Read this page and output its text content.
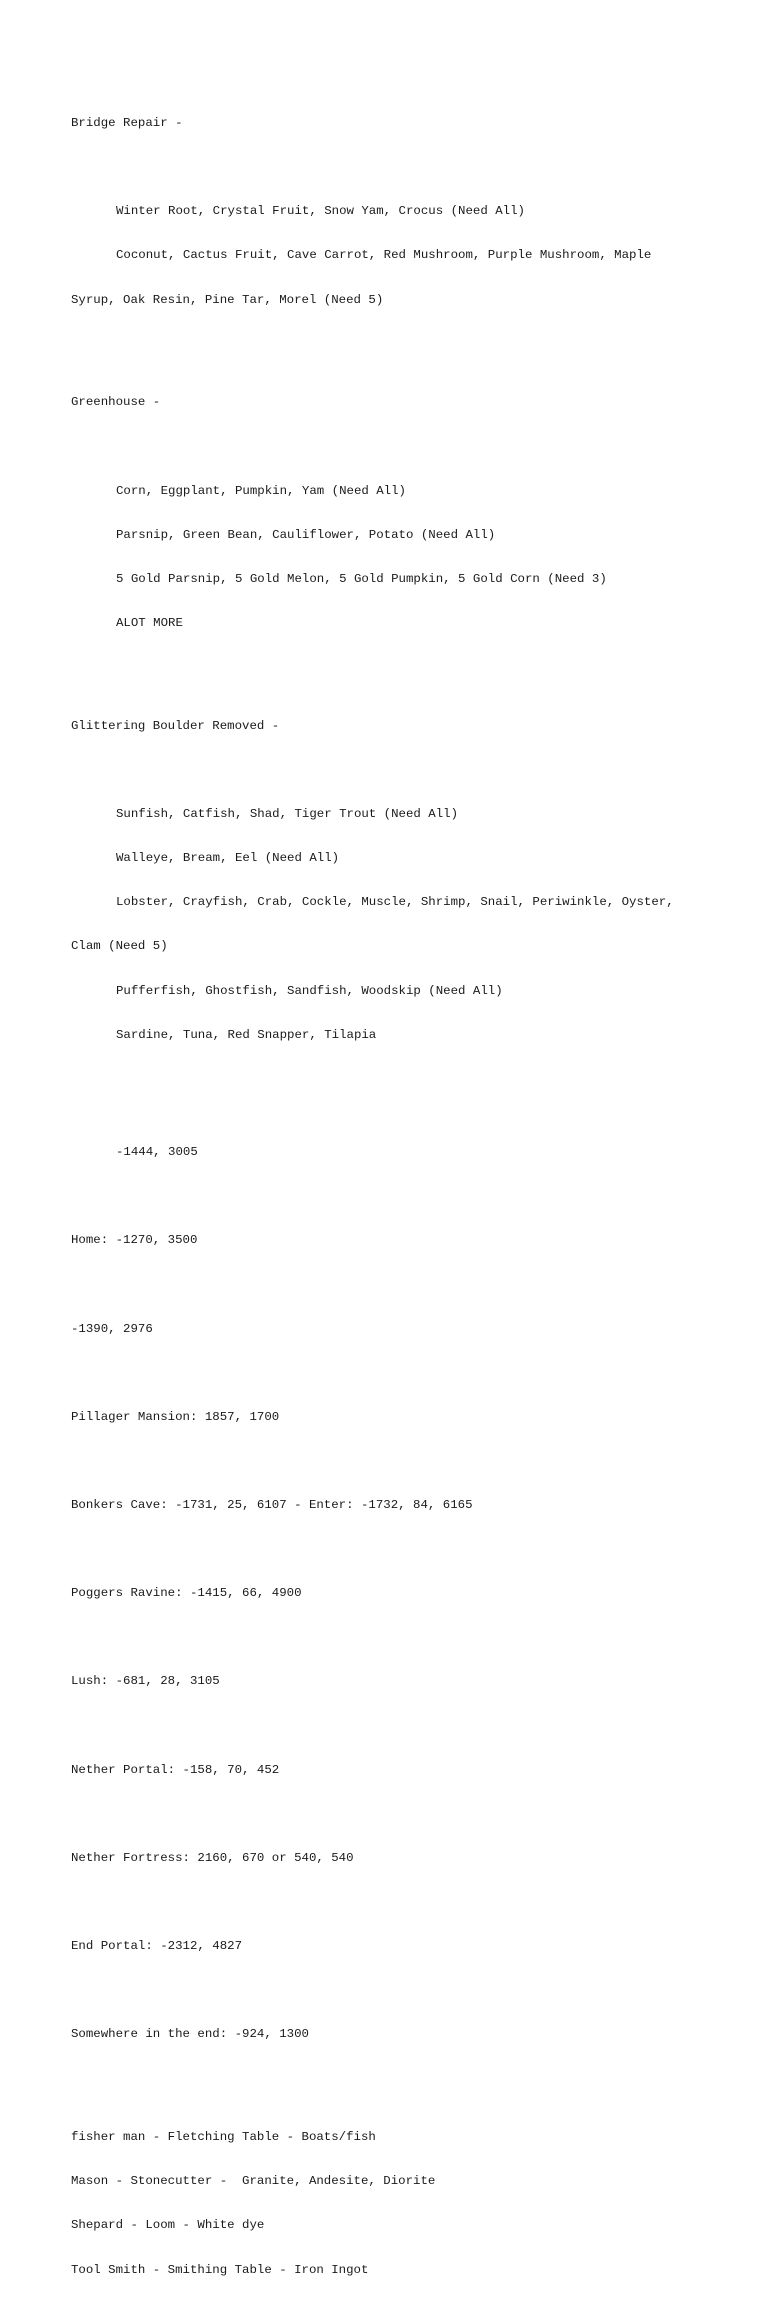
Bridge Repair -

Winter Root, Crystal Fruit, Snow Yam, Crocus (Need All)

Coconut, Cactus Fruit, Cave Carrot, Red Mushroom, Purple Mushroom, Maple

Syrup, Oak Resin, Pine Tar, Morel (Need 5)

Greenhouse -

Corn, Eggplant, Pumpkin, Yam (Need All)

Parsnip, Green Bean, Cauliflower, Potato (Need All)

5 Gold Parsnip, 5 Gold Melon, 5 Gold Pumpkin, 5 Gold Corn (Need 3)

ALOT MORE

Glittering Boulder Removed -

Sunfish, Catfish, Shad, Tiger Trout (Need All)

Walleye, Bream, Eel (Need All)

Lobster, Crayfish, Crab, Cockle, Muscle, Shrimp, Snail, Periwinkle, Oyster,

Clam (Need 5)

Pufferfish, Ghostfish, Sandfish, Woodskip (Need All)

Sardine, Tuna, Red Snapper, Tilapia

-1444, 3005

Home: -1270, 3500

-1390, 2976

Pillager Mansion: 1857, 1700

Bonkers Cave: -1731, 25, 6107 - Enter: -1732, 84, 6165

Poggers Ravine: -1415, 66, 4900

Lush: -681, 28, 3105

Nether Portal: -158, 70, 452

Nether Fortress: 2160, 670 or 540, 540

End Portal: -2312, 4827

Somewhere in the end: -924, 1300

fisher man - Fletching Table - Boats/fish

Mason - Stonecutter -  Granite, Andesite, Diorite

Shepard - Loom - White dye

Tool Smith - Smithing Table - Iron Ingot
